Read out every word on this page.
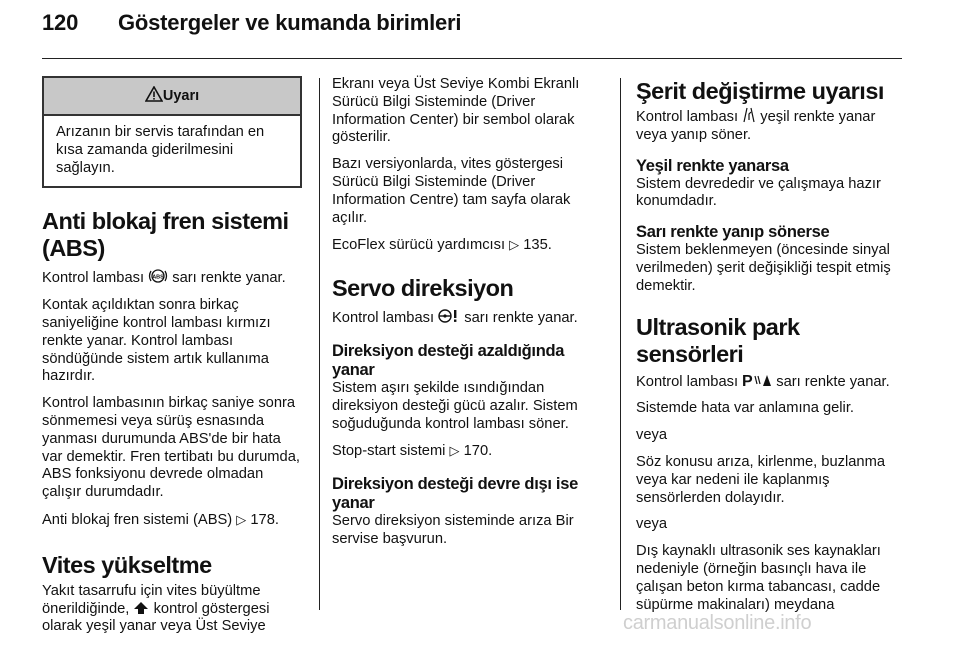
120 Göstergeler ve kumanda birimleri
Uyarı
Arızanın bir servis tarafından en kısa zamanda giderilmesini sağlayın.
Anti blokaj fren sistemi (ABS)

Kontrol lambası ABS sarı renkte yanar.

Kontak açıldıktan sonra birkaç saniyeliğine kontrol lambası kırmızı renkte yanar. Kontrol lambası söndüğünde sistem artık kullanıma hazırdır.

Kontrol lambasının birkaç saniye sonra sönmemesi veya sürüş esnasında yanması durumunda ABS'de bir hata var demektir. Fren tertibatı bu durumda, ABS fonksiyonu devrede olmadan çalışır durumdadır.

Anti blokaj fren sistemi (ABS) ▷ 178.

Vites yükseltme

Yakıt tasarrufu için vites büyültme önerildiğinde, kontrol göstergesi olarak yeşil yanar veya Üst Seviye

Ekranı veya Üst Seviye Kombi Ekranlı Sürücü Bilgi Sisteminde (Driver Information Center) bir sembol olarak gösterilir.

Bazı versiyonlarda, vites göstergesi Sürücü Bilgi Sisteminde (Driver Information Centre) tam sayfa olarak açılır.

EcoFlex sürücü yardımcısı ▷ 135.

Servo direksiyon

Kontrol lambası sarı renkte yanar.

Direksiyon desteği azaldığında yanar

Sistem aşırı şekilde ısındığından direksiyon desteği gücü azalır. Sistem soğuduğunda kontrol lambası söner.

Stop-start sistemi ▷ 170.

Direksiyon desteği devre dışı ise yanar

Servo direksiyon sisteminde arıza Bir servise başvurun.

Şerit değiştirme uyarısı

Kontrol lambası yeşil renkte yanar veya yanıp söner.

Yeşil renkte yanarsa

Sistem devrededir ve çalışmaya hazır konumdadır.

Sarı renkte yanıp sönerse

Sistem beklenmeyen (öncesinde sinyal verilmeden) şerit değişikliği tespit etmiş demektir.

Ultrasonik park sensörleri

Kontrol lambası P sarı renkte yanar.

Sistemde hata var anlamına gelir.

veya

Söz konusu arıza, kirlenme, buzlanma veya kar nedeni ile kaplanmış sensörlerden dolayıdır.

veya

Dış kaynaklı ultrasonik ses kaynakları nedeniyle (örneğin basınçlı hava ile çalışan beton kırma tabancası, cadde süpürme makinaları) meydana

carmanualsonline.info
